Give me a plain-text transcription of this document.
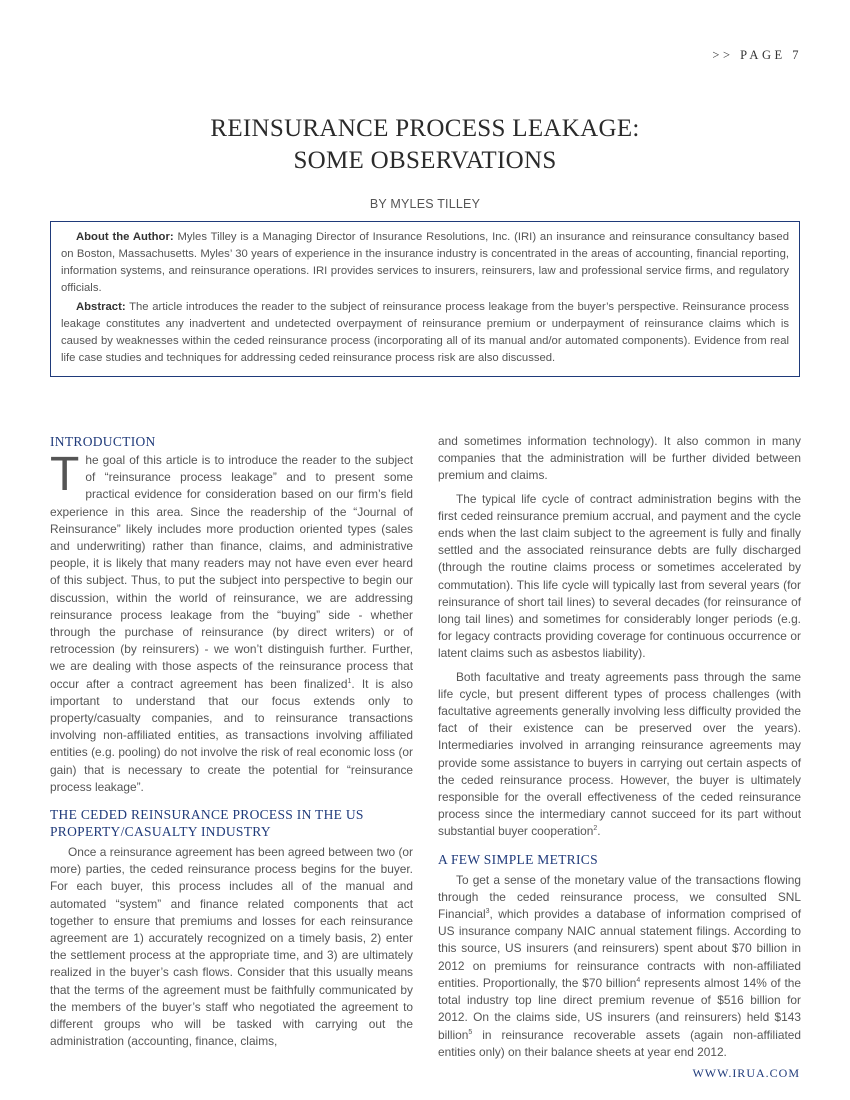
>> PAGE 7
REINSURANCE PROCESS LEAKAGE:
SOME OBSERVATIONS
BY MYLES TILLEY

About the Author: Myles Tilley is a Managing Director of Insurance Resolutions, Inc. (IRI) an insurance and reinsurance consultancy based on Boston, Massachusetts. Myles’ 30 years of experience in the insurance industry is concentrated in the areas of accounting, financial reporting, information systems, and reinsurance operations. IRI provides services to insurers, reinsurers, law and professional service firms, and regulatory officials.

Abstract: The article introduces the reader to the subject of reinsurance process leakage from the buyer’s perspective. Reinsurance process leakage constitutes any inadvertent and undetected overpayment of reinsurance premium or underpayment of reinsurance claims which is caused by weaknesses within the ceded reinsurance process (incorporating all of its manual and/or automated components). Evidence from real life case studies and techniques for addressing ceded reinsurance process risk are also discussed.

INTRODUCTION

The goal of this article is to introduce the reader to the subject of “reinsurance process leakage” and to present some practical evidence for consideration based on our firm’s field experience in this area. Since the readership of the “Journal of Reinsurance” likely includes more production oriented types (sales and underwriting) rather than finance, claims, and administrative people, it is likely that many readers may not have even ever heard of this subject. Thus, to put the subject into perspective to begin our discussion, within the world of reinsurance, we are addressing reinsurance process leakage from the “buying” side - whether through the purchase of reinsurance (by direct writers) or of retrocession (by reinsurers) - we won’t distinguish further. Further, we are dealing with those aspects of the reinsurance process that occur after a contract agreement has been finalized$^1$. It is also important to understand that our focus extends only to property/casualty companies, and to reinsurance transactions involving non-affiliated entities, as transactions involving affiliated entities (e.g. pooling) do not involve the risk of real economic loss (or gain) that is necessary to create the potential for “reinsurance process leakage”.

THE CEDED REINSURANCE PROCESS IN THE US PROPERTY/CASUALTY INDUSTRY

Once a reinsurance agreement has been agreed between two (or more) parties, the ceded reinsurance process begins for the buyer. For each buyer, this process includes all of the manual and automated “system” and finance related components that act together to ensure that premiums and losses for each reinsurance agreement are 1) accurately recognized on a timely basis, 2) enter the settlement process at the appropriate time, and 3) are ultimately realized in the buyer’s cash flows. Consider that this usually means that the terms of the agreement must be faithfully communicated by the members of the buyer’s staff who negotiated the agreement to different groups who will be tasked with carrying out the administration (accounting, finance, claims,

and sometimes information technology). It also common in many companies that the administration will be further divided between premium and claims.

The typical life cycle of contract administration begins with the first ceded reinsurance premium accrual, and payment and the cycle ends when the last claim subject to the agreement is fully and finally settled and the associated reinsurance debts are fully discharged (through the routine claims process or sometimes accelerated by commutation). This life cycle will typically last from several years (for reinsurance of short tail lines) to several decades (for reinsurance of long tail lines) and sometimes for considerably longer periods (e.g. for legacy contracts providing coverage for continuous occurrence or latent claims such as asbestos liability).

Both facultative and treaty agreements pass through the same life cycle, but present different types of process challenges (with facultative agreements generally involving less difficulty provided the fact of their existence can be preserved over the years). Intermediaries involved in arranging reinsurance agreements may provide some assistance to buyers in carrying out certain aspects of the ceded reinsurance process. However, the buyer is ultimately responsible for the overall effectiveness of the ceded reinsurance process since the intermediary cannot succeed for its part without substantial buyer cooperation$^2$.

A FEW SIMPLE METRICS

To get a sense of the monetary value of the transactions flowing through the ceded reinsurance process, we consulted SNL Financial$^3$, which provides a database of information comprised of US insurance company NAIC annual statement filings. According to this source, US insurers (and reinsurers) spent about $70 billion in 2012 on premiums for reinsurance contracts with non-affiliated entities. Proportionally, the $70 billion$^4$ represents almost 14% of the total industry top line direct premium revenue of $516 billion for 2012. On the claims side, US insurers (and reinsurers) held $143 billion$^5$ in reinsurance recoverable assets (again non-affiliated entities only) on their balance sheets at year end 2012.

WWW.IRUA.COM
